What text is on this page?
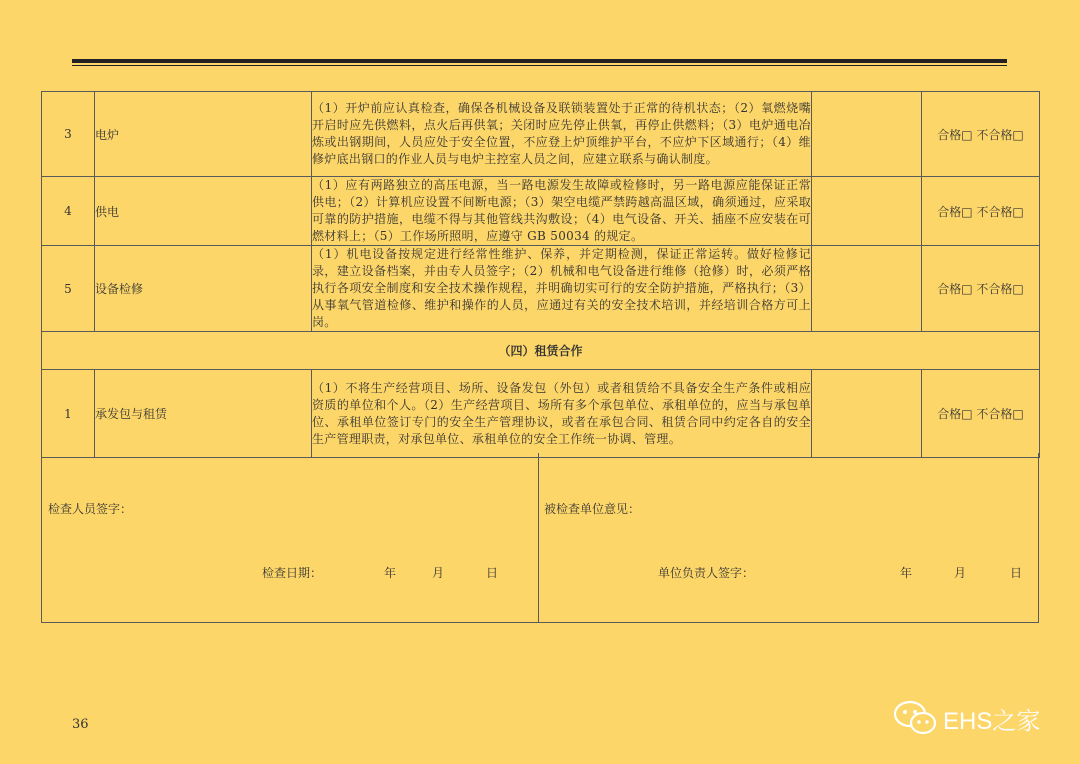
3	电炉	（1）开炉前应认真检查，确保各机械设备及联锁装置处于正常的待机状态；（2）氧燃烧嘴开启时应先供燃料，点火后再供氧；关闭时应先停止供氧，再停止供燃料；（3）电炉通电冶炼或出钢期间，人员应处于安全位置，不应登上炉顶维护平台，不应炉下区域通行；（4）维修炉底出钢口的作业人员与电炉主控室人员之间，应建立联系与确认制度。		合格□ 不合格□
4	供电	（1）应有两路独立的高压电源，当一路电源发生故障或检修时，另一路电源应能保证正常供电；（2）计算机应设置不间断电源；（3）架空电缆严禁跨越高温区域，确须通过，应采取可靠的防护措施，电缆不得与其他管线共沟敷设；（4）电气设备、开关、插座不应安装在可燃材料上；（5）工作场所照明，应遵守 GB 50034 的规定。		合格□ 不合格□
5	设备检修	（1）机电设备按规定进行经常性维护、保养，并定期检测，保证正常运转。做好检修记录，建立设备档案，并由专人员签字；（2）机械和电气设备进行维修（抢修）时，必须严格执行各项安全制度和安全技术操作规程，并明确切实可行的安全防护措施，严格执行；（3）从事氧气管道检修、维护和操作的人员，应通过有关的安全技术培训，并经培训合格方可上岗。		合格□ 不合格□
（四）租赁合作				
1	承发包与租赁	（1）不将生产经营项目、场所、设备发包（外包）或者租赁给不具备安全生产条件或相应资质的单位和个人。（2）生产经营项目、场所有多个承包单位、承租单位的，应当与承包单位、承租单位签订专门的安全生产管理协议，或者在承包合同、租赁合同中约定各自的安全生产管理职责，对承包单位、承租单位的安全工作统一协调、管理。		合格□ 不合格□
检查人员签字：
检查日期：	年	月	日
被检查单位意见：
单位负责人签字：	年	月	日
36	EHS之家
